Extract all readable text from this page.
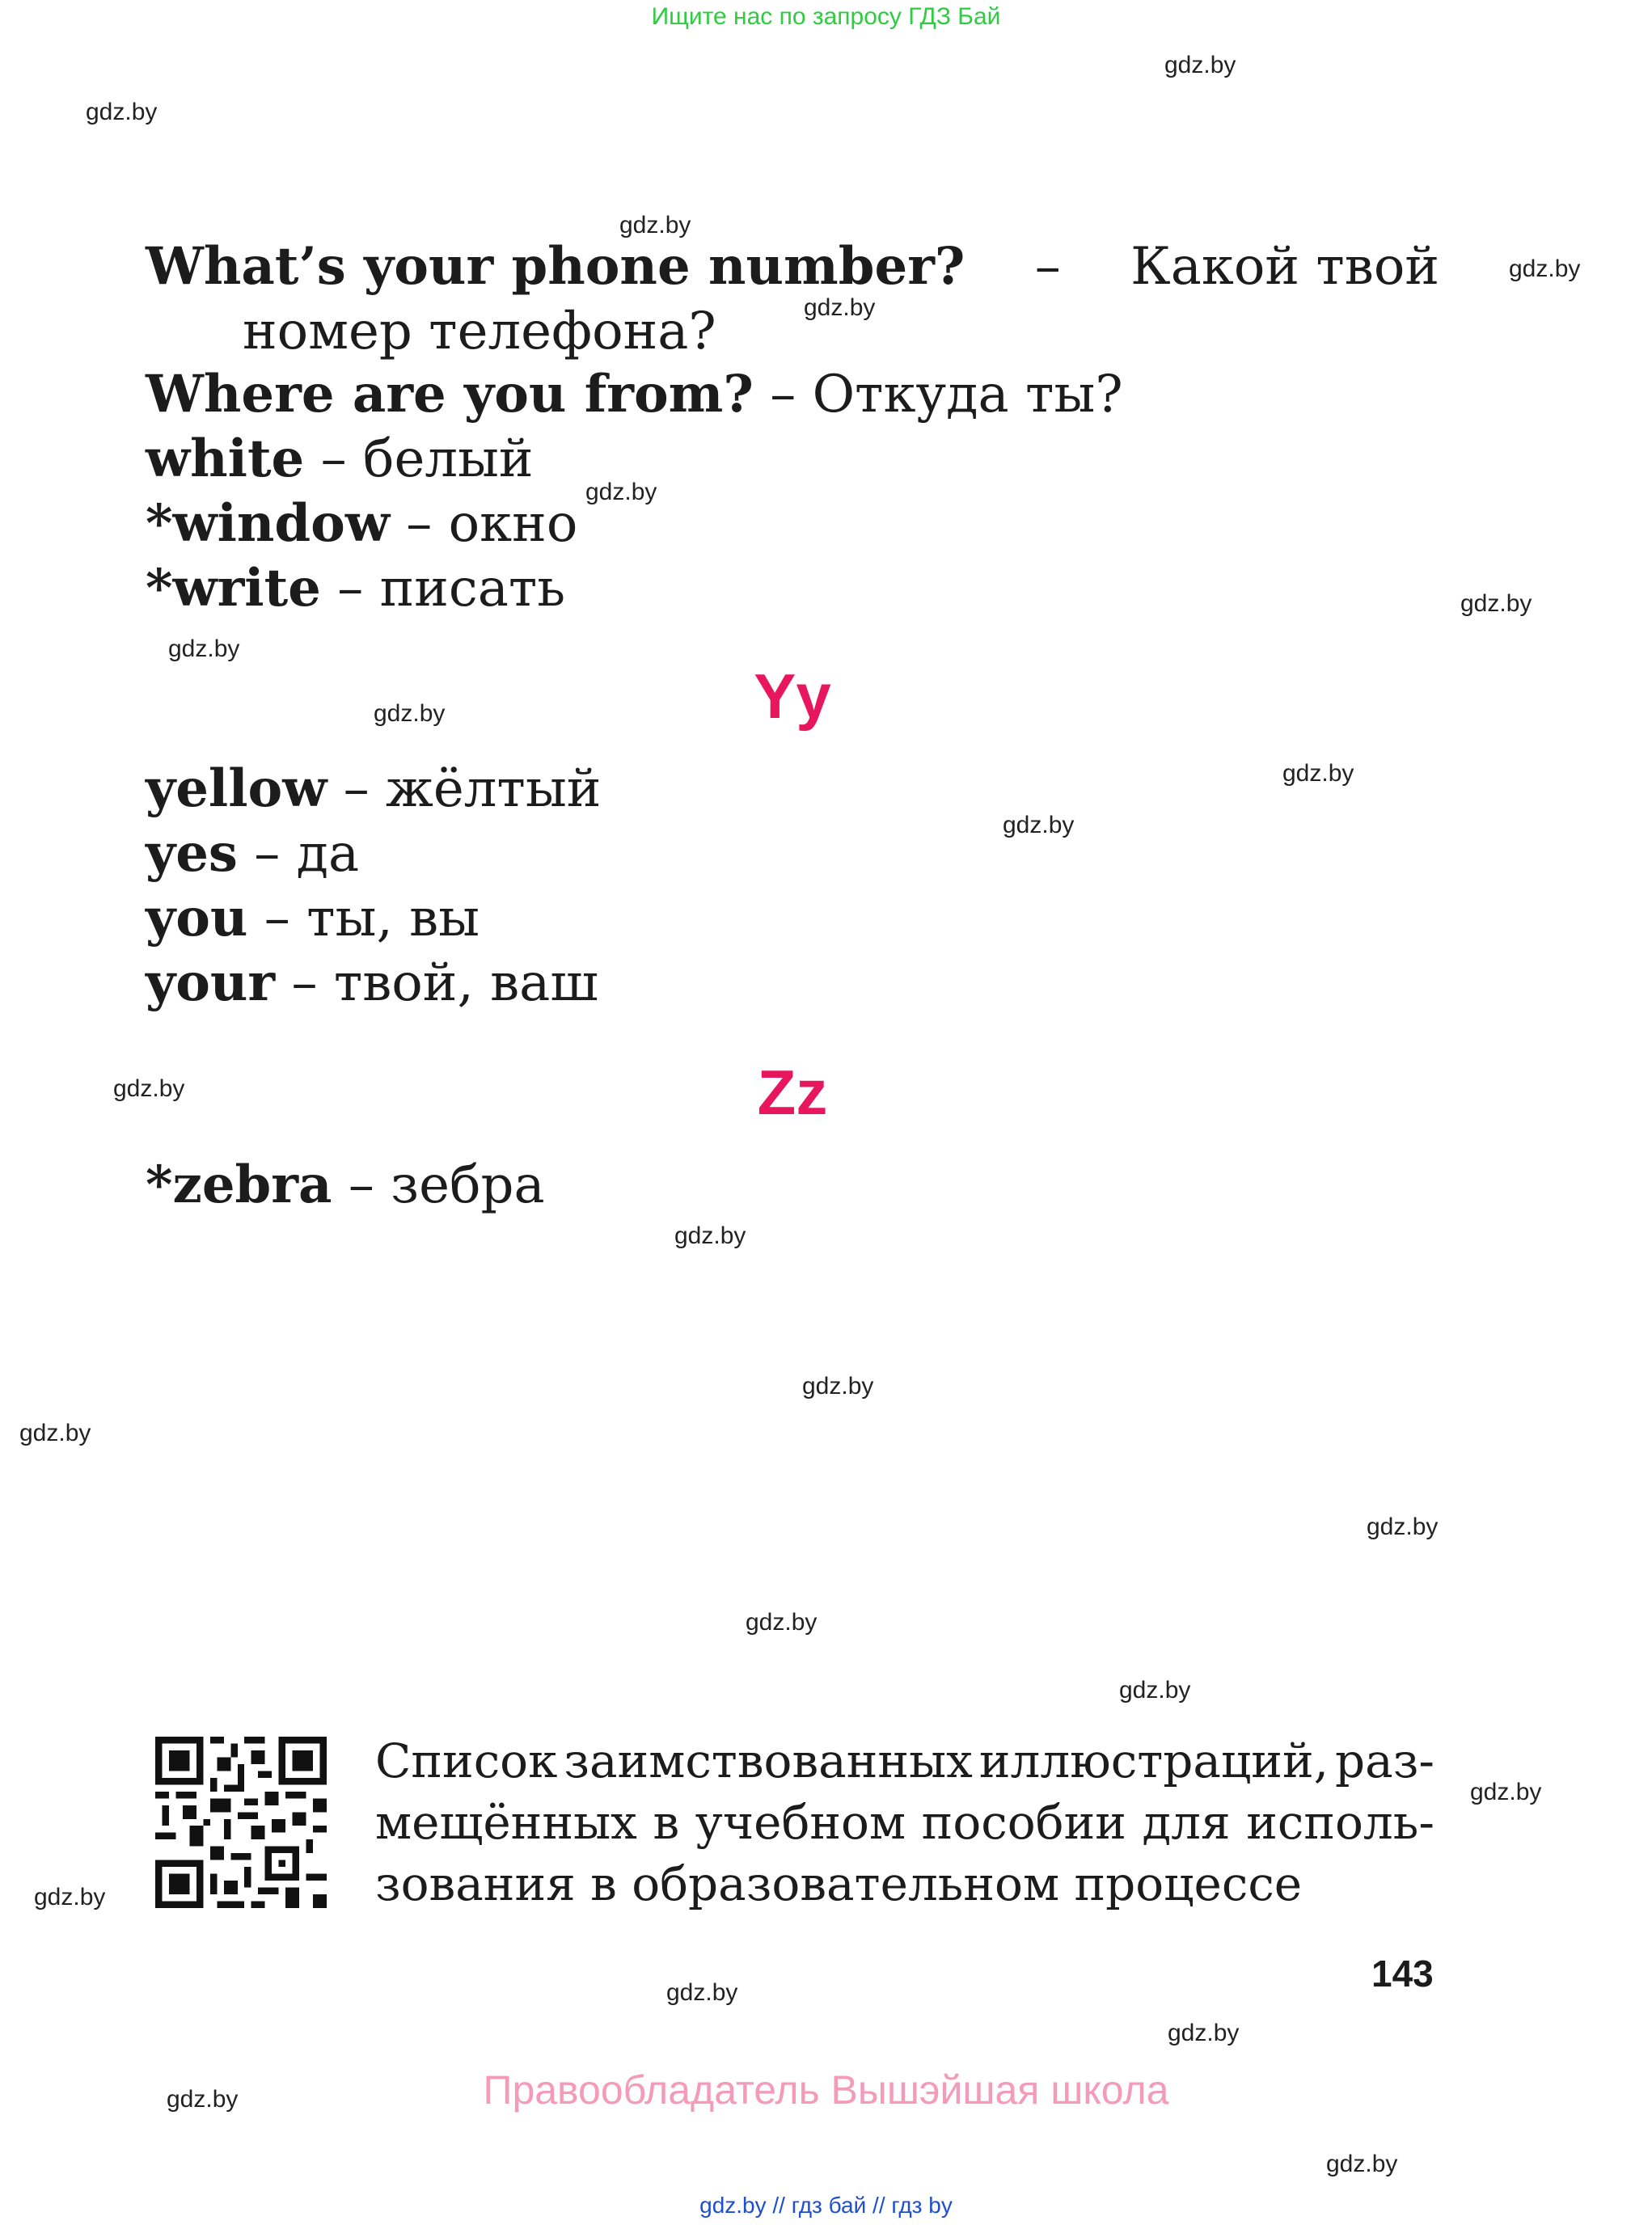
Ищите нас по запросу ГДЗ Бай
gdz.by
gdz.by
gdz.by
gdz.by
gdz.by
gdz.by
gdz.by
gdz.by
gdz.by
gdz.by
gdz.by
gdz.by
gdz.by
gdz.by
gdz.by
gdz.by
gdz.by
gdz.by
gdz.by
gdz.by
gdz.by
gdz.by
gdz.by
gdz.by
What’s your phone number? – Какой твой
номер телефона?
Where are you from? – Откуда ты?
white – белый
*window – окно
*write – писать
Yy
yellow – жёлтый
yes – да
you – ты, вы
your – твой, ваш
Zz
*zebra – зебра
Список заимствованных иллюстраций, раз-
мещённых в учебном пособии для исполь-
зования в образовательном процессе
143
Правообладатель Вышэйшая школа
gdz.by // гдз бай // гдз by
